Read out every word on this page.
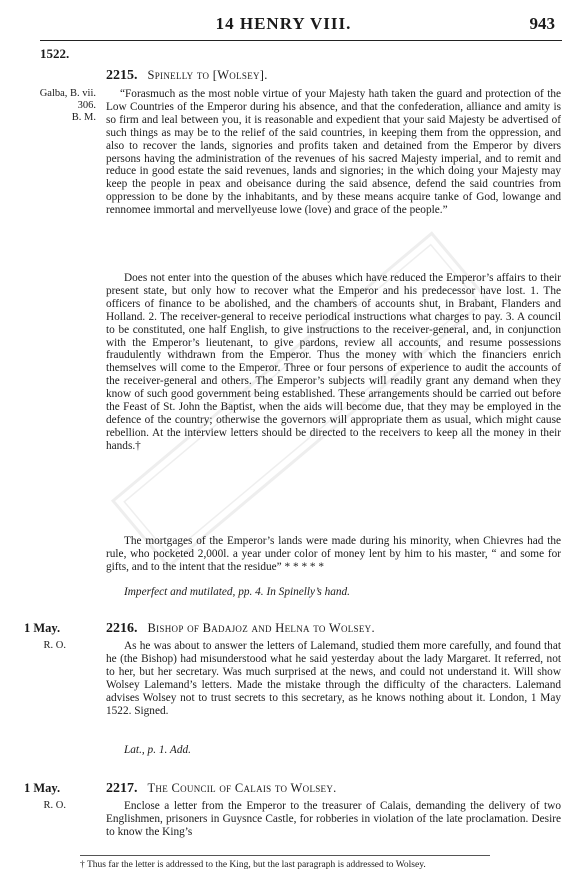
14 HENRY VIII.	943
1522.
Galba, B. vii.
306.
B. M.
2215. Spinelly to [Wolsey].
“Forasmuch as the most noble virtue of your Majesty hath taken the guard and protection of the Low Countries of the Emperor during his absence, and that the confederation, alliance and amity is so firm and leal between you, it is reasonable and expedient that your said Majesty be advertised of such things as may be to the relief of the said countries, in keeping them from the oppression, and also to recover the lands, signories and profits taken and detained from the Emperor by divers persons having the administration of the revenues of his sacred Majesty imperial, and to remit and reduce in good estate the said revenues, lands and signories; in the which doing your Majesty may keep the people in peax and obeisance during the said absence, defend the said countries from oppression to be done by the inhabitants, and by these means acquire tanke of God, lowange and rennomee immortal and mervellyeuse lowe (love) and grace of the people.”
Does not enter into the question of the abuses which have reduced the Emperor’s affairs to their present state, but only how to recover what the Emperor and his predecessor have lost. 1. The officers of finance to be abolished, and the chambers of accounts shut, in Brabant, Flanders and Holland. 2. The receiver-general to receive periodical instructions what charges to pay. 3. A council to be constituted, one half English, to give instructions to the receiver-general, and, in conjunction with the Emperor’s lieutenant, to give pardons, review all accounts, and resume possessions fraudulently withdrawn from the Emperor. Thus the money with which the financiers enrich themselves will come to the Emperor. Three or four persons of experience to audit the accounts of the receiver-general and others. The Emperor’s subjects will readily grant any demand when they know of such good government being established. These arrangements should be carried out before the Feast of St. John the Baptist, when the aids will become due, that they may be employed in the defence of the country; otherwise the governors will appropriate them as usual, which might cause rebellion. At the interview letters should be directed to the receivers to keep all the money in their hands.†
The mortgages of the Emperor’s lands were made during his minority, when Chievres had the rule, who pocketed 2,000l. a year under color of money lent by him to his master, “ and some for gifts, and to the intent that the residue” * * * * *
Imperfect and mutilated, pp. 4. In Spinelly’s hand.
1 May.
R. O.
2216. Bishop of Badajoz and Helna to Wolsey.
As he was about to answer the letters of Lalemand, studied them more carefully, and found that he (the Bishop) had misunderstood what he said yesterday about the lady Margaret. It referred, not to her, but her secretary. Was much surprised at the news, and could not understand it. Will show Wolsey Lalemand’s letters. Made the mistake through the difficulty of the characters. Lalemand advises Wolsey not to trust secrets to this secretary, as he knows nothing about it. London, 1 May 1522. Signed.
Lat., p. 1. Add.
1 May.
R. O.
2217. The Council of Calais to Wolsey.
Enclose a letter from the Emperor to the treasurer of Calais, demanding the delivery of two Englishmen, prisoners in Guysnce Castle, for robberies in violation of the late proclamation. Desire to know the King’s
† Thus far the letter is addressed to the King, but the last paragraph is addressed to Wolsey.
